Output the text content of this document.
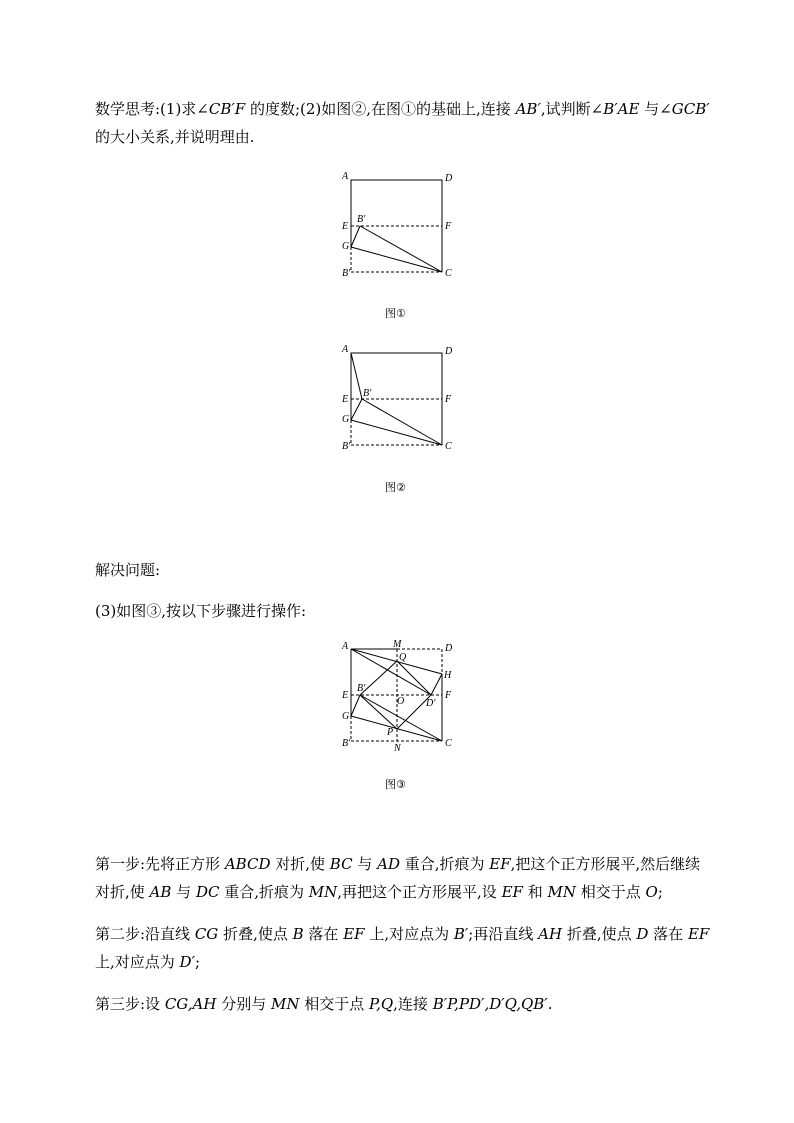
数学思考:(1)求∠CB′F 的度数;(2)如图②,在图①的基础上,连接 AB′,试判断∠B′AE 与∠GCB′的大小关系,并说明理由.
A	D
E
B′
F
G
B′	C
图①
A	D
E
B′
F
G
B′	C
图②
解决问题:
(3)如图③,按以下步骤进行操作:
A	M	D
Q
H
E
B′
O D′
F
G
P
B′	N	C
图③
第一步:先将正方形 ABCD 对折,使 BC 与 AD 重合,折痕为 EF,把这个正方形展平,然后继续对折,使 AB 与 DC 重合,折痕为 MN,再把这个正方形展平,设 EF 和 MN 相交于点 O;
第二步:沿直线 CG 折叠,使点 B 落在 EF 上,对应点为 B′;再沿直线 AH 折叠,使点 D 落在 EF 上,对应点为 D′;
第三步:设 CG,AH 分别与 MN 相交于点 P,Q,连接 B′P,PD′,D′Q,QB′.
